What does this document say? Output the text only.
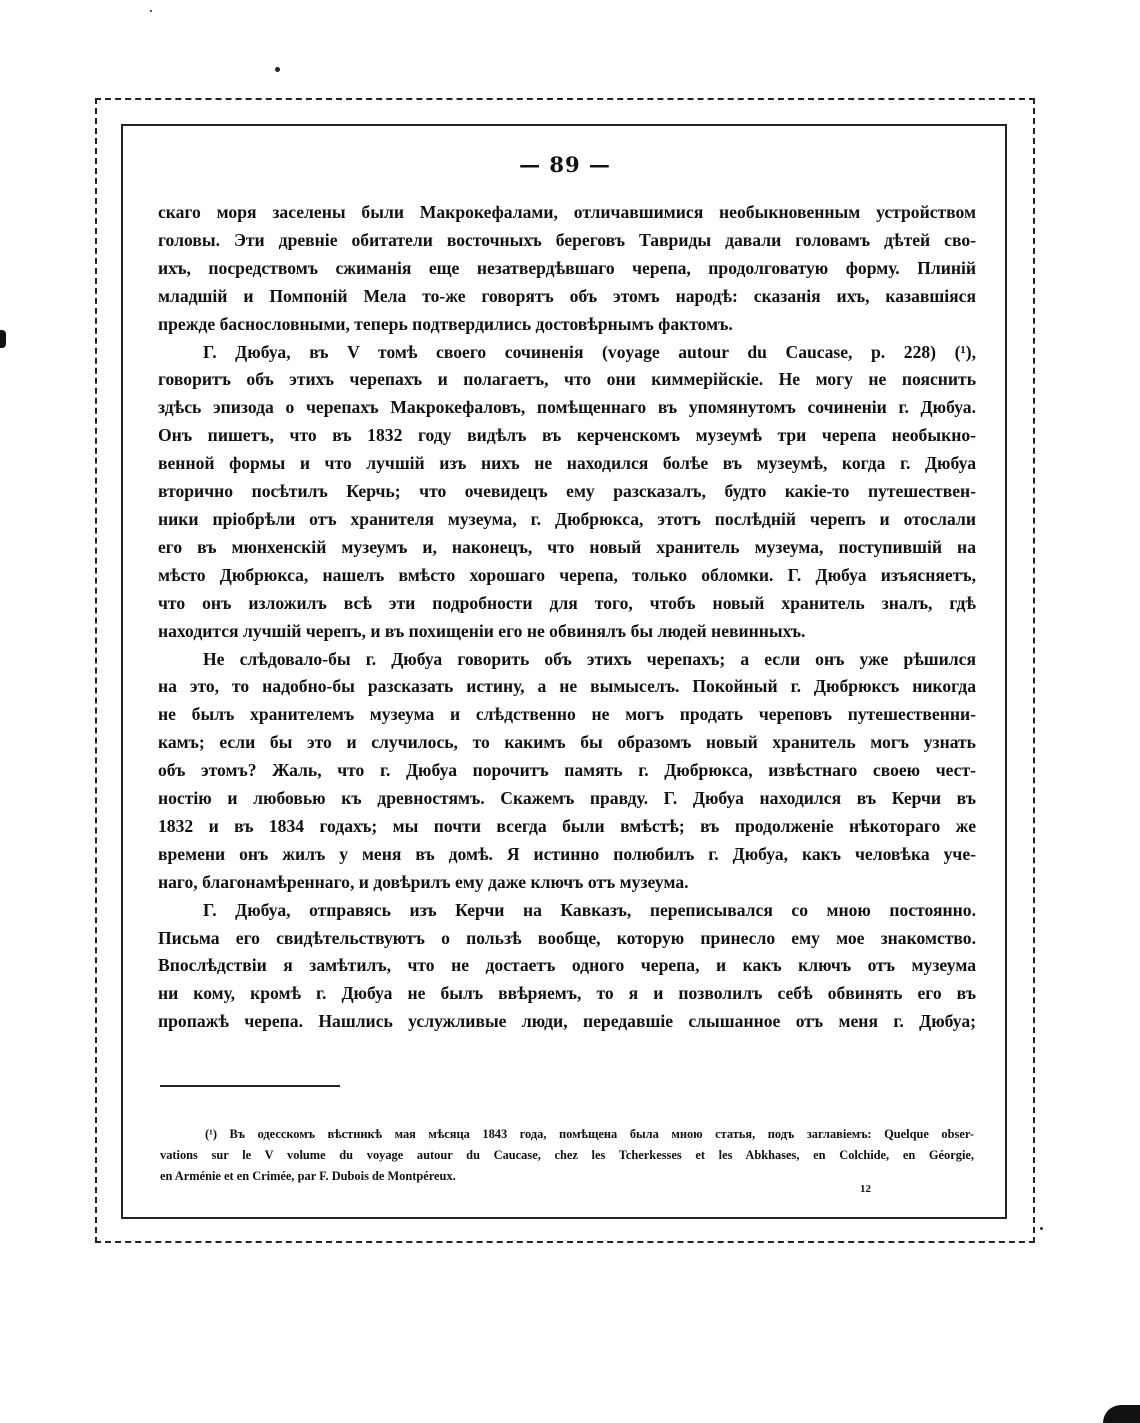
— 89 —
скаго моря заселены были Макрокефалами, отличавшимися необыкновенным устройством
головы. Эти древніе обитатели восточныхъ береговъ Тавриды давали головамъ дѣтей сво-
ихъ, посредствомъ сжиманія еще незатвердѣвшаго черепа, продолговатую форму. Плиній
младшій и Помпоній Мела то-же говорятъ объ этомъ народѣ: сказанія ихъ, казавшіяся
прежде баснословными, теперь подтвердились достовѣрнымъ фактомъ.
Г. Дюбуа, въ V томѣ своего сочиненія (voyage autour du Caucase, p. 228) (¹),
говоритъ объ этихъ черепахъ и полагаетъ, что они киммерійскіе. Не могу не пояснить
здѣсь эпизода о черепахъ Макрокефаловъ, помѣщеннаго въ упомянутомъ сочиненіи г. Дюбуа.
Онъ пишетъ, что въ 1832 году видѣлъ въ керченскомъ музеумѣ три черепа необыкно-
венной формы и что лучшій изъ нихъ не находился болѣе въ музеумѣ, когда г. Дюбуа
вторично посѣтилъ Керчь; что очевидецъ ему разсказалъ, будто какіе-то путешествен-
ники пріобрѣли отъ хранителя музеума, г. Дюбрюкса, этотъ послѣдній черепъ и отослали
его въ мюнхенскій музеумъ и, наконецъ, что новый хранитель музеума, поступившій на
мѣсто Дюбрюкса, нашелъ вмѣсто хорошаго черепа, только обломки. Г. Дюбуа изъясняетъ,
что онъ изложилъ всѣ эти подробности для того, чтобъ новый хранитель зналъ, гдѣ
находится лучшій черепъ, и въ похищеніи его не обвинялъ бы людей невинныхъ.
Не слѣдовало-бы г. Дюбуа говорить объ этихъ черепахъ; а если онъ уже рѣшился
на это, то надобно-бы разсказать истину, а не вымыселъ. Покойный г. Дюбрюксъ никогда
не былъ хранителемъ музеума и слѣдственно не могъ продать череповъ путешественни-
камъ; если бы это и случилось, то какимъ бы образомъ новый хранитель могъ узнать
объ этомъ? Жаль, что г. Дюбуа порочитъ память г. Дюбрюкса, извѣстнаго своею чест-
ностію и любовью къ древностямъ. Скажемъ правду. Г. Дюбуа находился въ Керчи въ
1832 и въ 1834 годахъ; мы почти всегда были вмѣстѣ; въ продолженіе нѣкотораго же
времени онъ жилъ у меня въ домѣ. Я истинно полюбилъ г. Дюбуа, какъ человѣка уче-
наго, благонамѣреннаго, и довѣрилъ ему даже ключъ отъ музеума.
Г. Дюбуа, отправясь изъ Керчи на Кавказъ, переписывался со мною постоянно.
Письма его свидѣтельствуютъ о пользѣ вообще, которую принесло ему мое знакомство.
Впослѣдствіи я замѣтилъ, что не достаетъ одного черепа, и какъ ключъ отъ музеума
ни кому, кромѣ г. Дюбуа не былъ ввѣряемъ, то я и позволилъ себѣ обвинять его въ
пропажѣ черепа. Нашлись услужливые люди, передавшіе слышанное отъ меня г. Дюбуа;
(¹) Въ одесскомъ вѣстникѣ мая мѣсяца 1843 года, помѣщена была мною статья, подъ заглавіемъ: Quelque obser-
vations sur le V volume du voyage autour du Caucase, chez les Tcherkesses et les Abkhases, en Colchide, en Géorgie,
en Arménie et en Crimée, par F. Dubois de Montpéreux.
12
